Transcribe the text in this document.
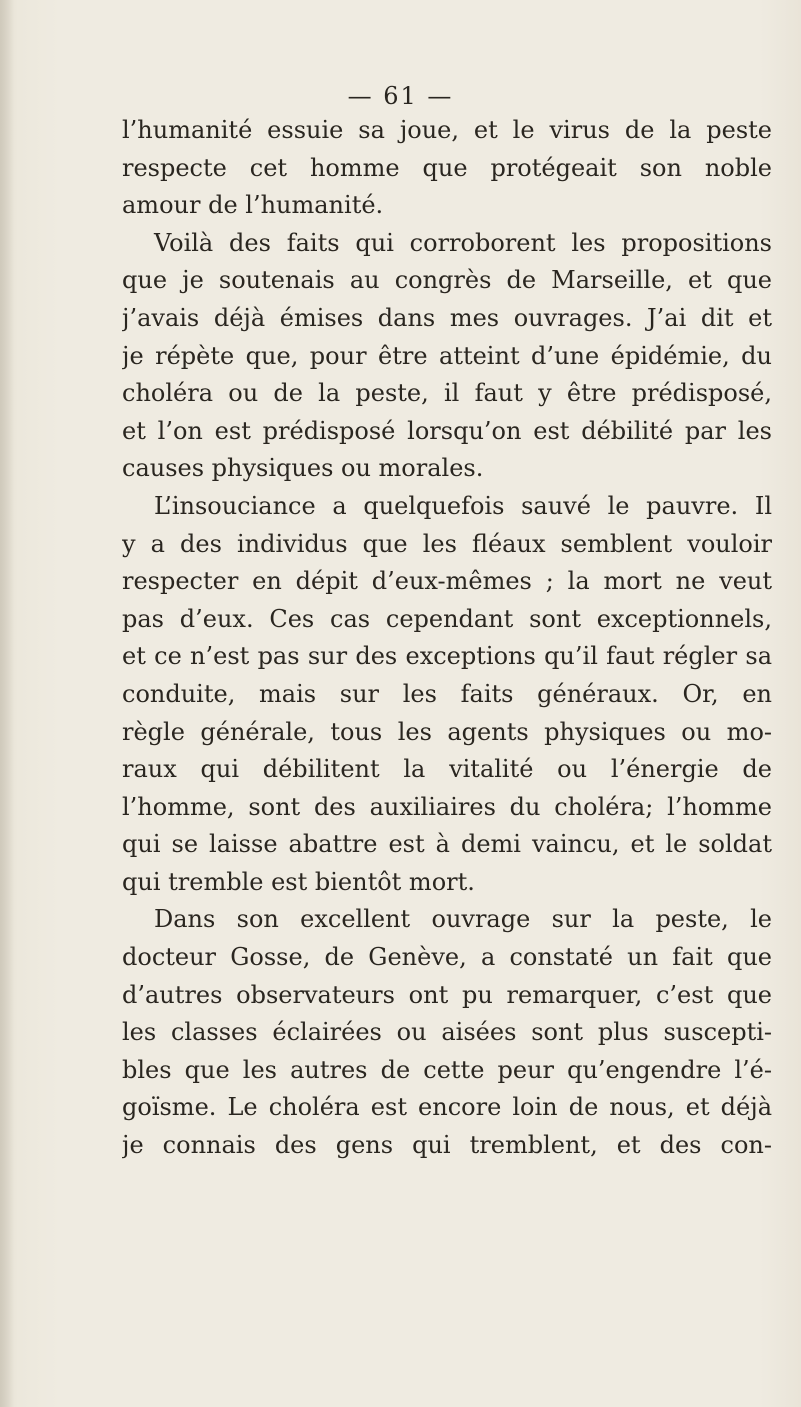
— 61 —
l’humanité essuie sa joue, et le virus de la peste
respecte cet homme que protégeait son noble
amour de l’humanité.
Voilà des faits qui corroborent les propositions
que je soutenais au congrès de Marseille, et que
j’avais déjà émises dans mes ouvrages. J’ai dit et
je répète que, pour être atteint d’une épidémie, du
choléra ou de la peste, il faut y être prédisposé,
et l’on est prédisposé lorsqu’on est débilité par les
causes physiques ou morales.
L’insouciance a quelquefois sauvé le pauvre. Il
y a des individus que les fléaux semblent vouloir
respecter en dépit d’eux-mêmes ; la mort ne veut
pas d’eux. Ces cas cependant sont exceptionnels,
et ce n’est pas sur des exceptions qu’il faut régler sa
conduite, mais sur les faits généraux. Or, en
règle générale, tous les agents physiques ou mo-
raux qui débilitent la vitalité ou l’énergie de
l’homme, sont des auxiliaires du choléra; l’homme
qui se laisse abattre est à demi vaincu, et le soldat
qui tremble est bientôt mort.
Dans son excellent ouvrage sur la peste, le
docteur Gosse, de Genève, a constaté un fait que
d’autres observateurs ont pu remarquer, c’est que
les classes éclairées ou aisées sont plus suscepti-
bles que les autres de cette peur qu’engendre l’é-
goïsme. Le choléra est encore loin de nous, et déjà
je connais des gens qui tremblent, et des con-
